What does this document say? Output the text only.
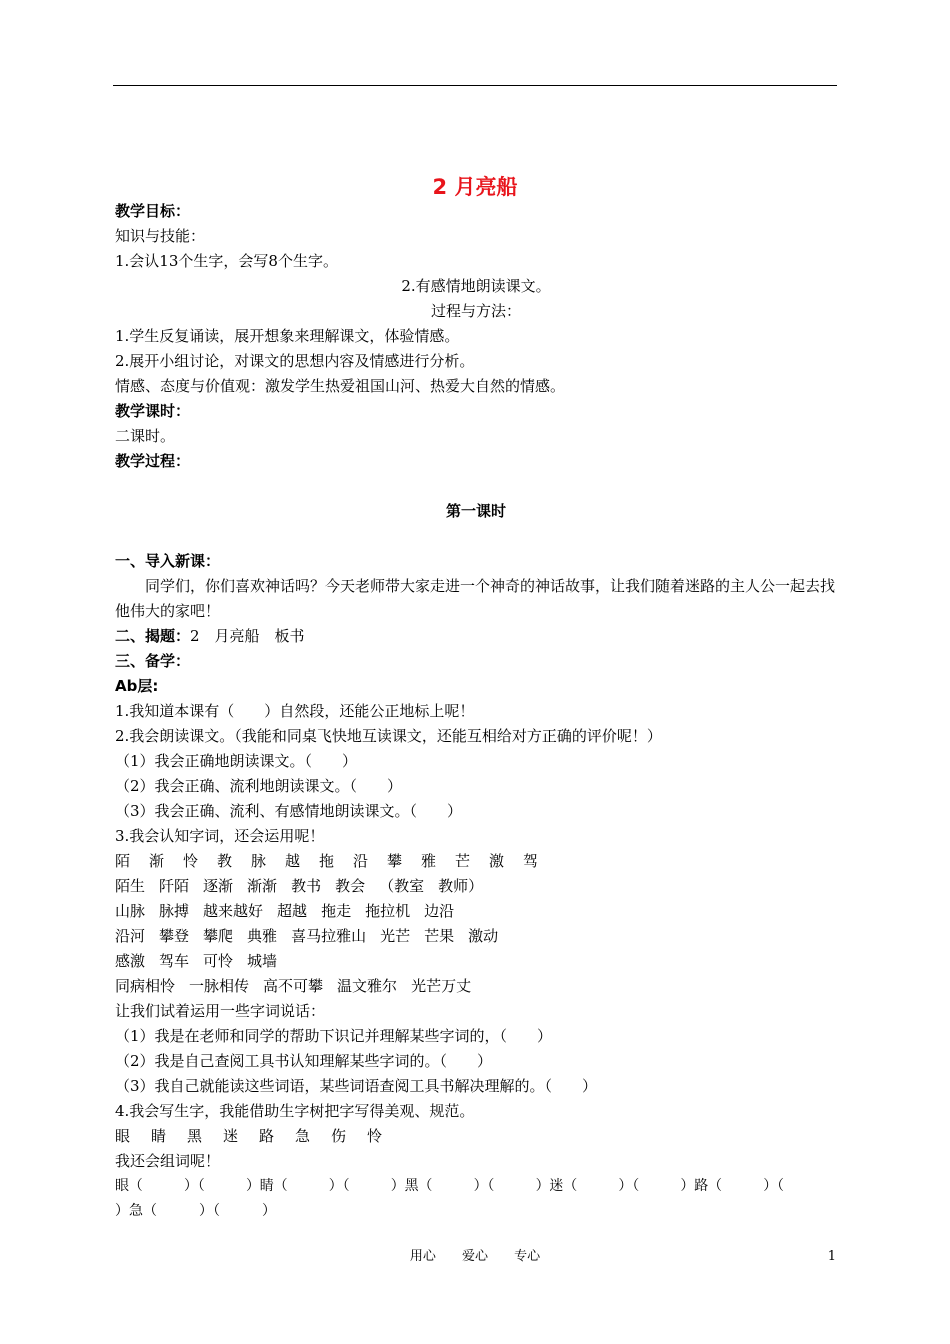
2 月亮船
教学目标：
知识与技能：
1.会认13个生字，会写8个生字。
2.有感情地朗读课文。
过程与方法：
1.学生反复诵读，展开想象来理解课文，体验情感。
2.展开小组讨论，对课文的思想内容及情感进行分析。
情感、态度与价值观：激发学生热爱祖国山河、热爱大自然的情感。
教学课时：
二课时。
教学过程：
第一课时
一、导入新课：
同学们，你们喜欢神话吗？今天老师带大家走进一个神奇的神话故事，让我们随着迷路的主人公一起去找他伟大的家吧！
二、揭题：2　月亮船　板书
三、备学：
Ab层:
1.我知道本课有（　　）自然段，还能公正地标上呢！
2.我会朗读课文。（我能和同桌飞快地互读课文，还能互相给对方正确的评价呢！）
（1）我会正确地朗读课文。（　　）
（2）我会正确、流利地朗读课文。（　　）
（3）我会正确、流利、有感情地朗读课文。（　　）
3.我会认知字词，还会运用呢！
陌 渐 怜 教 脉 越 拖 沿 攀 雅 芒 激 驾
陌生 阡陌 逐渐 渐渐 教书 教会 （教室 教师）
山脉 脉搏 越来越好 超越 拖走 拖拉机 边沿
沿河 攀登 攀爬 典雅 喜马拉雅山 光芒 芒果 激动
感激 驾车 可怜 城墙
同病相怜 一脉相传 高不可攀 温文雅尔 光芒万丈
让我们试着运用一些字词说话：
（1）我是在老师和同学的帮助下识记并理解某些字词的，（　　）
（2）我是自己查阅工具书认知理解某些字词的。（　　）
（3）我自己就能读这些词语，某些词语查阅工具书解决理解的。（　　）
4.我会写生字，我能借助生字树把字写得美观、规范。
眼 睛 黑 迷 路 急 伤 怜
我还会组词呢！
眼（　　　）（　　　）睛（　　　）（　　　）黑（　　　）（　　　）迷（　　　）（　　　）路（　　　）（
）急（　　　）（　　　）
用心 爱心 专心	1
